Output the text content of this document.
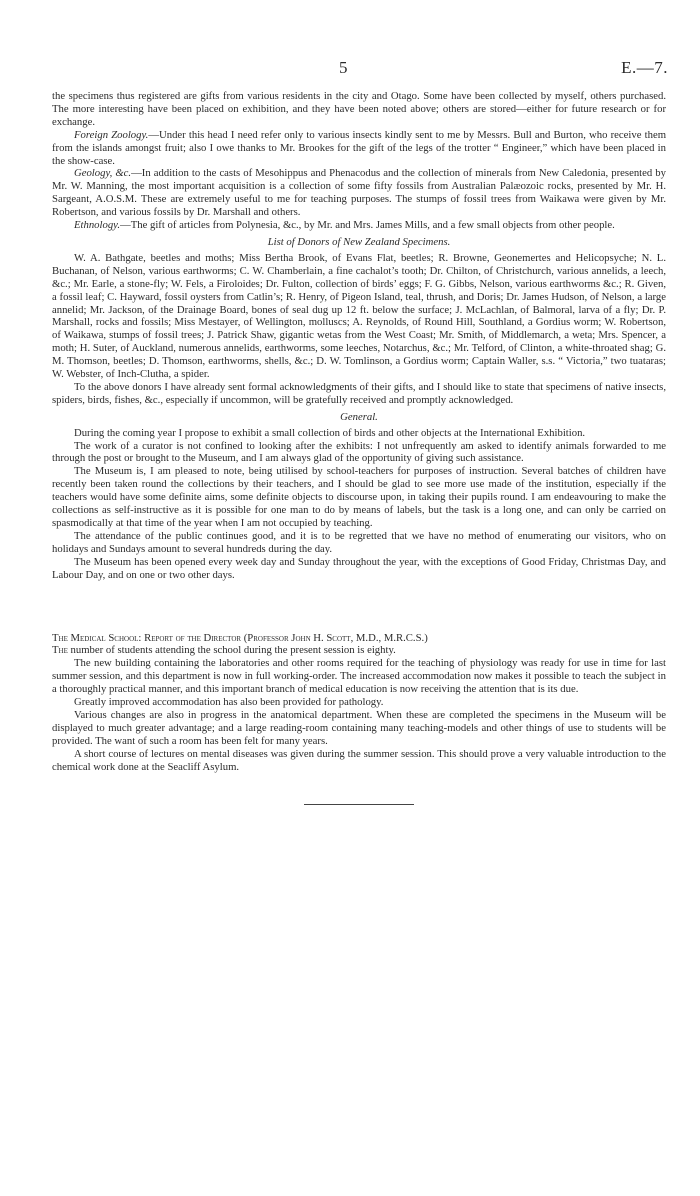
5	E.—7.

the specimens thus registered are gifts from various residents in the city and Otago. Some have been collected by myself, others purchased. The more interesting have been placed on exhibition, and they have been noted above; others are stored—either for future research or for exchange.

Foreign Zoology.—Under this head I need refer only to various insects kindly sent to me by Messrs. Bull and Burton, who receive them from the islands amongst fruit; also I owe thanks to Mr. Brookes for the gift of the legs of the trotter “ Engineer,” which have been placed in the show-case.

Geology, &c.—In addition to the casts of Mesohippus and Phenacodus and the collection of minerals from New Caledonia, presented by Mr. W. Manning, the most important acquisition is a collection of some fifty fossils from Australian Palæozoic rocks, presented by Mr. H. Sargeant, A.O.S.M. These are extremely useful to me for teaching purposes. The stumps of fossil trees from Waikawa were given by Mr. Robertson, and various fossils by Dr. Marshall and others.

Ethnology.—The gift of articles from Polynesia, &c., by Mr. and Mrs. James Mills, and a few small objects from other people.

List of Donors of New Zealand Specimens.

W. A. Bathgate, beetles and moths; Miss Bertha Brook, of Evans Flat, beetles; R. Browne, Geonemertes and Helicopsyche; N. L. Buchanan, of Nelson, various earthworms; C. W. Chamberlain, a fine cachalot’s tooth; Dr. Chilton, of Christchurch, various annelids, a leech, &c.; Mr. Earle, a stone-fly; W. Fels, a Firoloides; Dr. Fulton, collection of birds’ eggs; F. G. Gibbs, Nelson, various earthworms &c.; R. Given, a fossil leaf; C. Hayward, fossil oysters from Catlin’s; R. Henry, of Pigeon Island, teal, thrush, and Doris; Dr. James Hudson, of Nelson, a large annelid; Mr. Jackson, of the Drainage Board, bones of seal dug up 12 ft. below the surface; J. McLachlan, of Balmoral, larva of a fly; Dr. P. Marshall, rocks and fossils; Miss Mestayer, of Wellington, molluscs; A. Reynolds, of Round Hill, Southland, a Gordius worm; W. Robertson, of Waikawa, stumps of fossil trees; J. Patrick Shaw, gigantic wetas from the West Coast; Mr. Smith, of Middlemarch, a weta; Mrs. Spencer, a moth; H. Suter, of Auckland, numerous annelids, earthworms, some leeches, Notarchus, &c.; Mr. Telford, of Clinton, a white-throated shag; G. M. Thomson, beetles; D. Thomson, earthworms, shells, &c.; D. W. Tomlinson, a Gordius worm; Captain Waller, s.s. “ Victoria,” two tuataras; W. Webster, of Inch-Clutha, a spider.

To the above donors I have already sent formal acknowledgments of their gifts, and I should like to state that specimens of native insects, spiders, birds, fishes, &c., especially if uncommon, will be gratefully received and promptly acknowledged.

General.

During the coming year I propose to exhibit a small collection of birds and other objects at the International Exhibition.

The work of a curator is not confined to looking after the exhibits: I not unfrequently am asked to identify animals forwarded to me through the post or brought to the Museum, and I am always glad of the opportunity of giving such assistance.

The Museum is, I am pleased to note, being utilised by school-teachers for purposes of instruction. Several batches of children have recently been taken round the collections by their teachers, and I should be glad to see more use made of the institution, especially if the teachers would have some definite aims, some definite objects to discourse upon, in taking their pupils round. I am endeavouring to make the collections as self-instructive as it is possible for one man to do by means of labels, but the task is a long one, and can only be carried on spasmodically at that time of the year when I am not occupied by teaching.

The attendance of the public continues good, and it is to be regretted that we have no method of enumerating our visitors, who on holidays and Sundays amount to several hundreds during the day.

The Museum has been opened every week day and Sunday throughout the year, with the exceptions of Good Friday, Christmas Day, and Labour Day, and on one or two other days.

The Medical School: Report of the Director (Professor John H. Scott, M.D., M.R.C.S.)

The number of students attending the school during the present session is eighty.

The new building containing the laboratories and other rooms required for the teaching of physiology was ready for use in time for last summer session, and this department is now in full working-order. The increased accommodation now makes it possible to teach the subject in a thoroughly practical manner, and this important branch of medical education is now receiving the attention that is its due.

Greatly improved accommodation has also been provided for pathology.

Various changes are also in progress in the anatomical department. When these are completed the specimens in the Museum will be displayed to much greater advantage; and a large reading-room containing many teaching-models and other things of use to students will be provided. The want of such a room has been felt for many years.

A short course of lectures on mental diseases was given during the summer session. This should prove a very valuable introduction to the chemical work done at the Seacliff Asylum.
